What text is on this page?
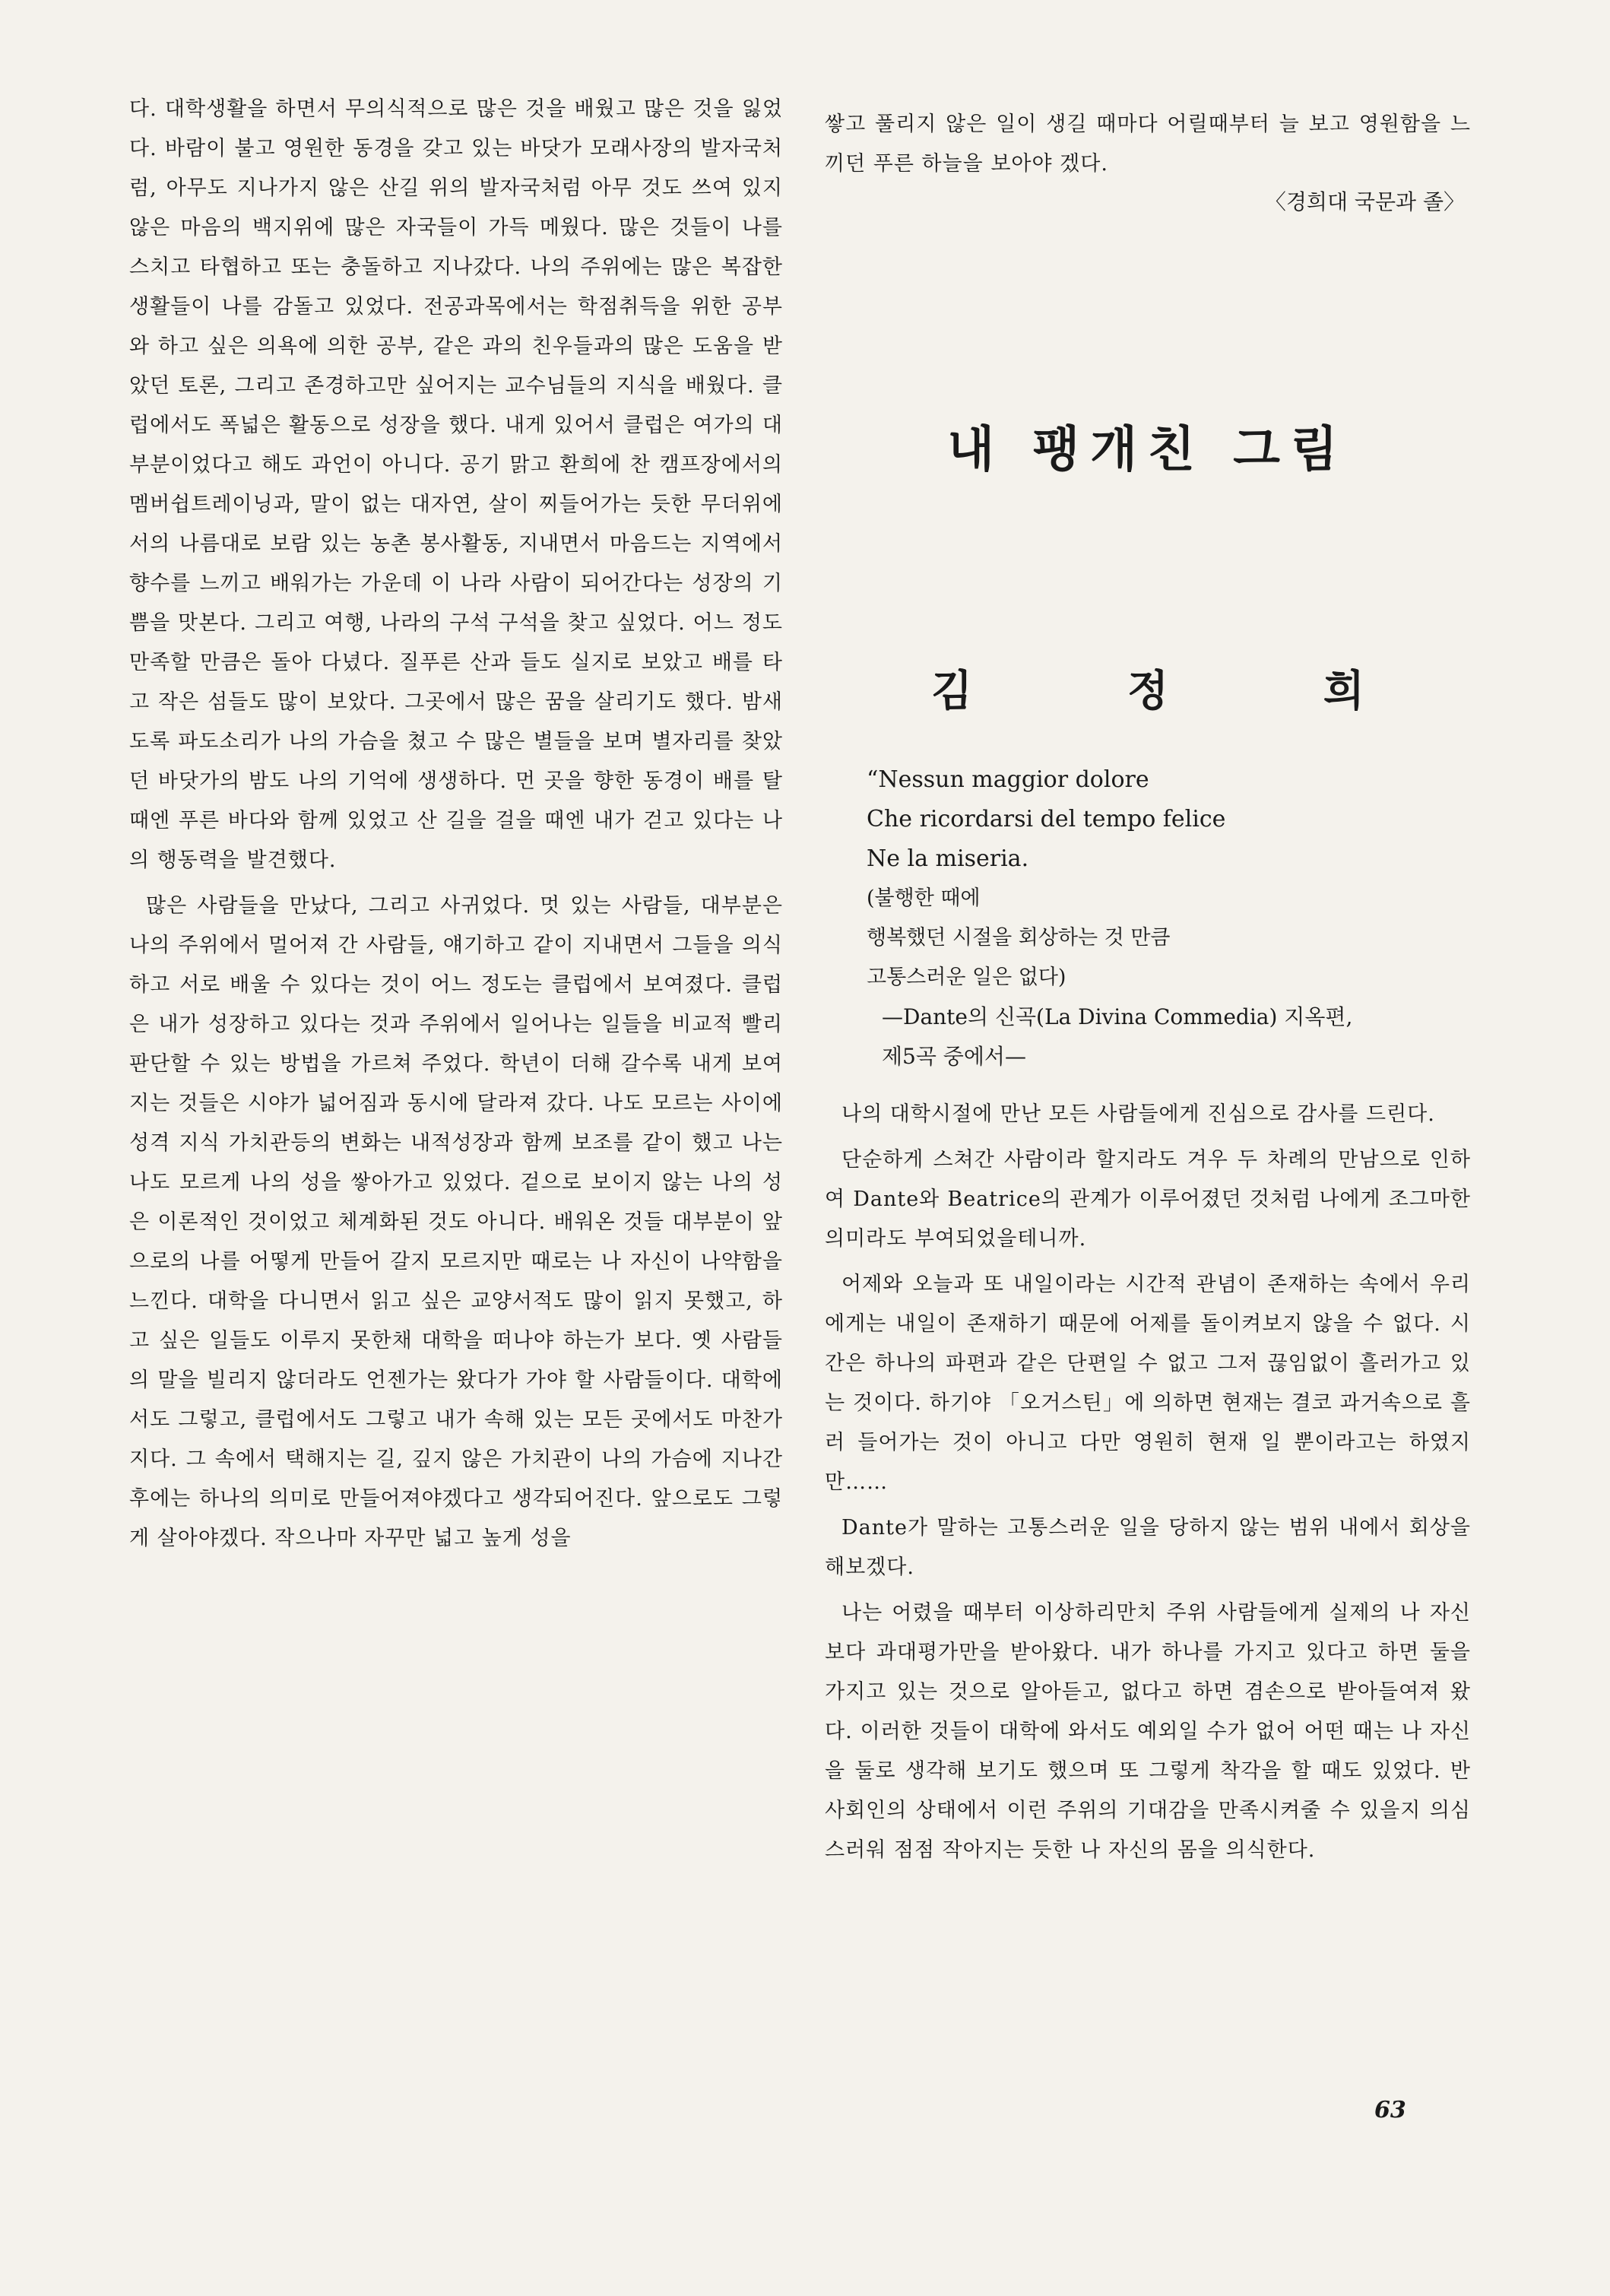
다. 대학생활을 하면서 무의식적으로 많은 것을 배웠고 많은 것을 잃었다. 바람이 불고 영원한 동경을 갖고 있는 바닷가 모래사장의 발자국처럼, 아무도 지나가지 않은 산길 위의 발자국처럼 아무 것도 쓰여 있지 않은 마음의 백지위에 많은 자국들이 가득 메웠다. 많은 것들이 나를 스치고 타협하고 또는 충돌하고 지나갔다. 나의 주위에는 많은 복잡한 생활들이 나를 감돌고 있었다. 전공과목에서는 학점취득을 위한 공부와 하고 싶은 의욕에 의한 공부, 같은 과의 친우들과의 많은 도움을 받았던 토론, 그리고 존경하고만 싶어지는 교수님들의 지식을 배웠다. 클럽에서도 폭넓은 활동으로 성장을 했다. 내게 있어서 클럽은 여가의 대부분이었다고 해도 과언이 아니다. 공기 맑고 환희에 찬 캠프장에서의 멤버쉽트레이닝과, 말이 없는 대자연, 살이 찌들어가는 듯한 무더위에서의 나름대로 보람 있는 농촌 봉사활동, 지내면서 마음드는 지역에서 향수를 느끼고 배워가는 가운데 이 나라 사람이 되어간다는 성장의 기쁨을 맛본다. 그리고 여행, 나라의 구석 구석을 찾고 싶었다. 어느 정도 만족할 만큼은 돌아 다녔다. 질푸른 산과 들도 실지로 보았고 배를 타고 작은 섬들도 많이 보았다. 그곳에서 많은 꿈을 살리기도 했다. 밤새도록 파도소리가 나의 가슴을 쳤고 수 많은 별들을 보며 별자리를 찾았던 바닷가의 밤도 나의 기억에 생생하다. 먼 곳을 향한 동경이 배를 탈 때엔 푸른 바다와 함께 있었고 산 길을 걸을 때엔 내가 걷고 있다는 나의 행동력을 발견했다.

많은 사람들을 만났다, 그리고 사귀었다. 멋 있는 사람들, 대부분은 나의 주위에서 멀어져 간 사람들, 얘기하고 같이 지내면서 그들을 의식하고 서로 배울 수 있다는 것이 어느 정도는 클럽에서 보여졌다. 클럽은 내가 성장하고 있다는 것과 주위에서 일어나는 일들을 비교적 빨리 판단할 수 있는 방법을 가르쳐 주었다. 학년이 더해 갈수록 내게 보여지는 것들은 시야가 넓어짐과 동시에 달라져 갔다. 나도 모르는 사이에 성격 지식 가치관등의 변화는 내적성장과 함께 보조를 같이 했고 나는 나도 모르게 나의 성을 쌓아가고 있었다. 겉으로 보이지 않는 나의 성은 이론적인 것이었고 체계화된 것도 아니다. 배워온 것들 대부분이 앞으로의 나를 어떻게 만들어 갈지 모르지만 때로는 나 자신이 나약함을 느낀다. 대학을 다니면서 읽고 싶은 교양서적도 많이 읽지 못했고, 하고 싶은 일들도 이루지 못한채 대학을 떠나야 하는가 보다. 옛 사람들의 말을 빌리지 않더라도 언젠가는 왔다가 가야 할 사람들이다. 대학에서도 그렇고, 클럽에서도 그렇고 내가 속해 있는 모든 곳에서도 마찬가지다. 그 속에서 택해지는 길, 깊지 않은 가치관이 나의 가슴에 지나간 후에는 하나의 의미로 만들어져야겠다고 생각되어진다. 앞으로도 그렇게 살아야겠다. 작으나마 자꾸만 넓고 높게 성을

쌓고 풀리지 않은 일이 생길 때마다 어릴때부터 늘 보고 영원함을 느끼던 푸른 하늘을 보아야 겠다.

〈경희대 국문과 졸〉
내 팽개친 그림
김	정	희

“Nessun maggior dolore

Che ricordarsi del tempo felice

Ne la miseria.

(불행한 때에

행복했던 시절을 회상하는 것 만큼

고통스러운 일은 없다)

—Dante의 신곡(La Divina Commedia) 지옥편,

제5곡 중에서—

나의 대학시절에 만난 모든 사람들에게 진심으로 감사를 드린다.

단순하게 스쳐간 사람이라 할지라도 겨우 두 차례의 만남으로 인하여 Dante와 Beatrice의 관계가 이루어졌던 것처럼 나에게 조그마한 의미라도 부여되었을테니까.

어제와 오늘과 또 내일이라는 시간적 관념이 존재하는 속에서 우리에게는 내일이 존재하기 때문에 어제를 돌이켜보지 않을 수 없다. 시간은 하나의 파편과 같은 단편일 수 없고 그저 끊임없이 흘러가고 있는 것이다. 하기야 「오거스틴」에 의하면 현재는 결코 과거속으로 흘러 들어가는 것이 아니고 다만 영원히 현재 일 뿐이라고는 하였지만……

Dante가 말하는 고통스러운 일을 당하지 않는 범위 내에서 회상을 해보겠다.

나는 어렸을 때부터 이상하리만치 주위 사람들에게 실제의 나 자신보다 과대평가만을 받아왔다. 내가 하나를 가지고 있다고 하면 둘을 가지고 있는 것으로 알아듣고, 없다고 하면 겸손으로 받아들여져 왔다. 이러한 것들이 대학에 와서도 예외일 수가 없어 어떤 때는 나 자신을 둘로 생각해 보기도 했으며 또 그렇게 착각을 할 때도 있었다. 반 사회인의 상태에서 이런 주위의 기대감을 만족시켜줄 수 있을지 의심스러워 점점 작아지는 듯한 나 자신의 몸을 의식한다.

63
